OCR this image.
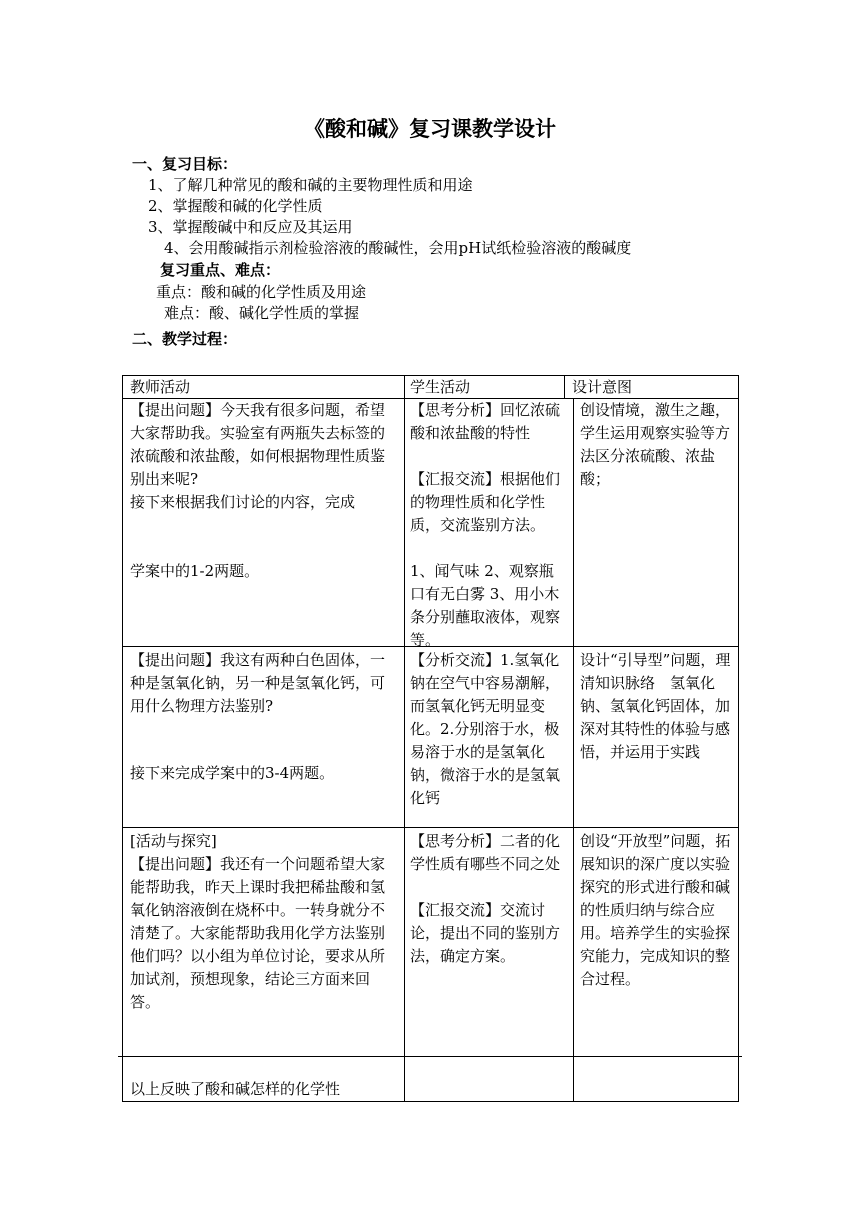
《酸和碱》复习课教学设计
一、复习目标：
1、了解几种常见的酸和碱的主要物理性质和用途
2、掌握酸和碱的化学性质
3、掌握酸碱中和反应及其运用
4、会用酸碱指示剂检验溶液的酸碱性，会用pH试纸检验溶液的酸碱度
复习重点、难点：
重点：酸和碱的化学性质及用途
难点：酸、碱化学性质的掌握
二、教学过程：
教师活动	学生活动	设计意图
【提出问题】今天我有很多问题，希望大家帮助我。实验室有两瓶失去标签的浓硫酸和浓盐酸，如何根据物理性质鉴别出来呢?
接下来根据我们讨论的内容，完成
学案中的1-2两题。
【思考分析】回忆浓硫酸和浓盐酸的特性
【汇报交流】根据他们的物理性质和化学性质，交流鉴别方法。
1、闻气味 2、观察瓶口有无白雾 3、用小木条分别蘸取液体，观察等。
创设情境，激生之趣，学生运用观察实验等方法区分浓硫酸、浓盐酸；
【提出问题】我这有两种白色固体，一种是氢氧化钠，另一种是氢氧化钙，可用什么物理方法鉴别?
接下来完成学案中的3-4两题。
【分析交流】1.氢氧化钠在空气中容易潮解，而氢氧化钙无明显变化。2.分别溶于水，极易溶于水的是氢氧化钠，微溶于水的是氢氧化钙
设计“引导型”问题，理清知识脉络　氢氧化钠、氢氧化钙固体，加深对其特性的体验与感悟，并运用于实践
[活动与探究]
【提出问题】我还有一个问题希望大家能帮助我，昨天上课时我把稀盐酸和氢氧化钠溶液倒在烧杯中。一转身就分不清楚了。大家能帮助我用化学方法鉴别他们吗？以小组为单位讨论，要求从所加试剂，预想现象，结论三方面来回答。
【思考分析】二者的化学性质有哪些不同之处
【汇报交流】交流讨论，提出不同的鉴别方法，确定方案。
创设“开放型”问题，拓展知识的深广度以实验探究的形式进行酸和碱的性质归纳与综合应用。培养学生的实验探究能力，完成知识的整合过程。
以上反映了酸和碱怎样的化学性
